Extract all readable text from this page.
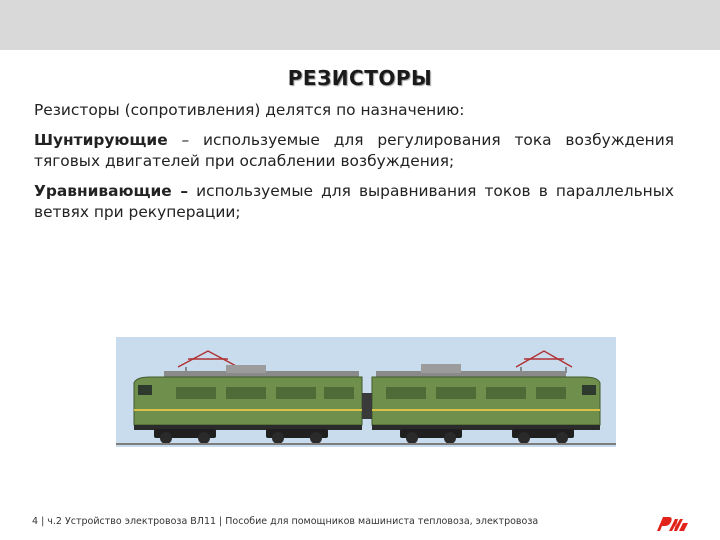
РЕЗИСТОРЫ

Резисторы (сопротивления) делятся по назначению:

Шунтирующие – используемые для регулирования тока возбуждения тяговых двигателей при ослаблении возбуждения;

Уравнивающие – используемые для выравнивания токов в параллельных ветвях при рекуперации;

4 | ч.2 Устройство электровоза ВЛ11 | Пособие для помощников машиниста тепловоза, электровоза
